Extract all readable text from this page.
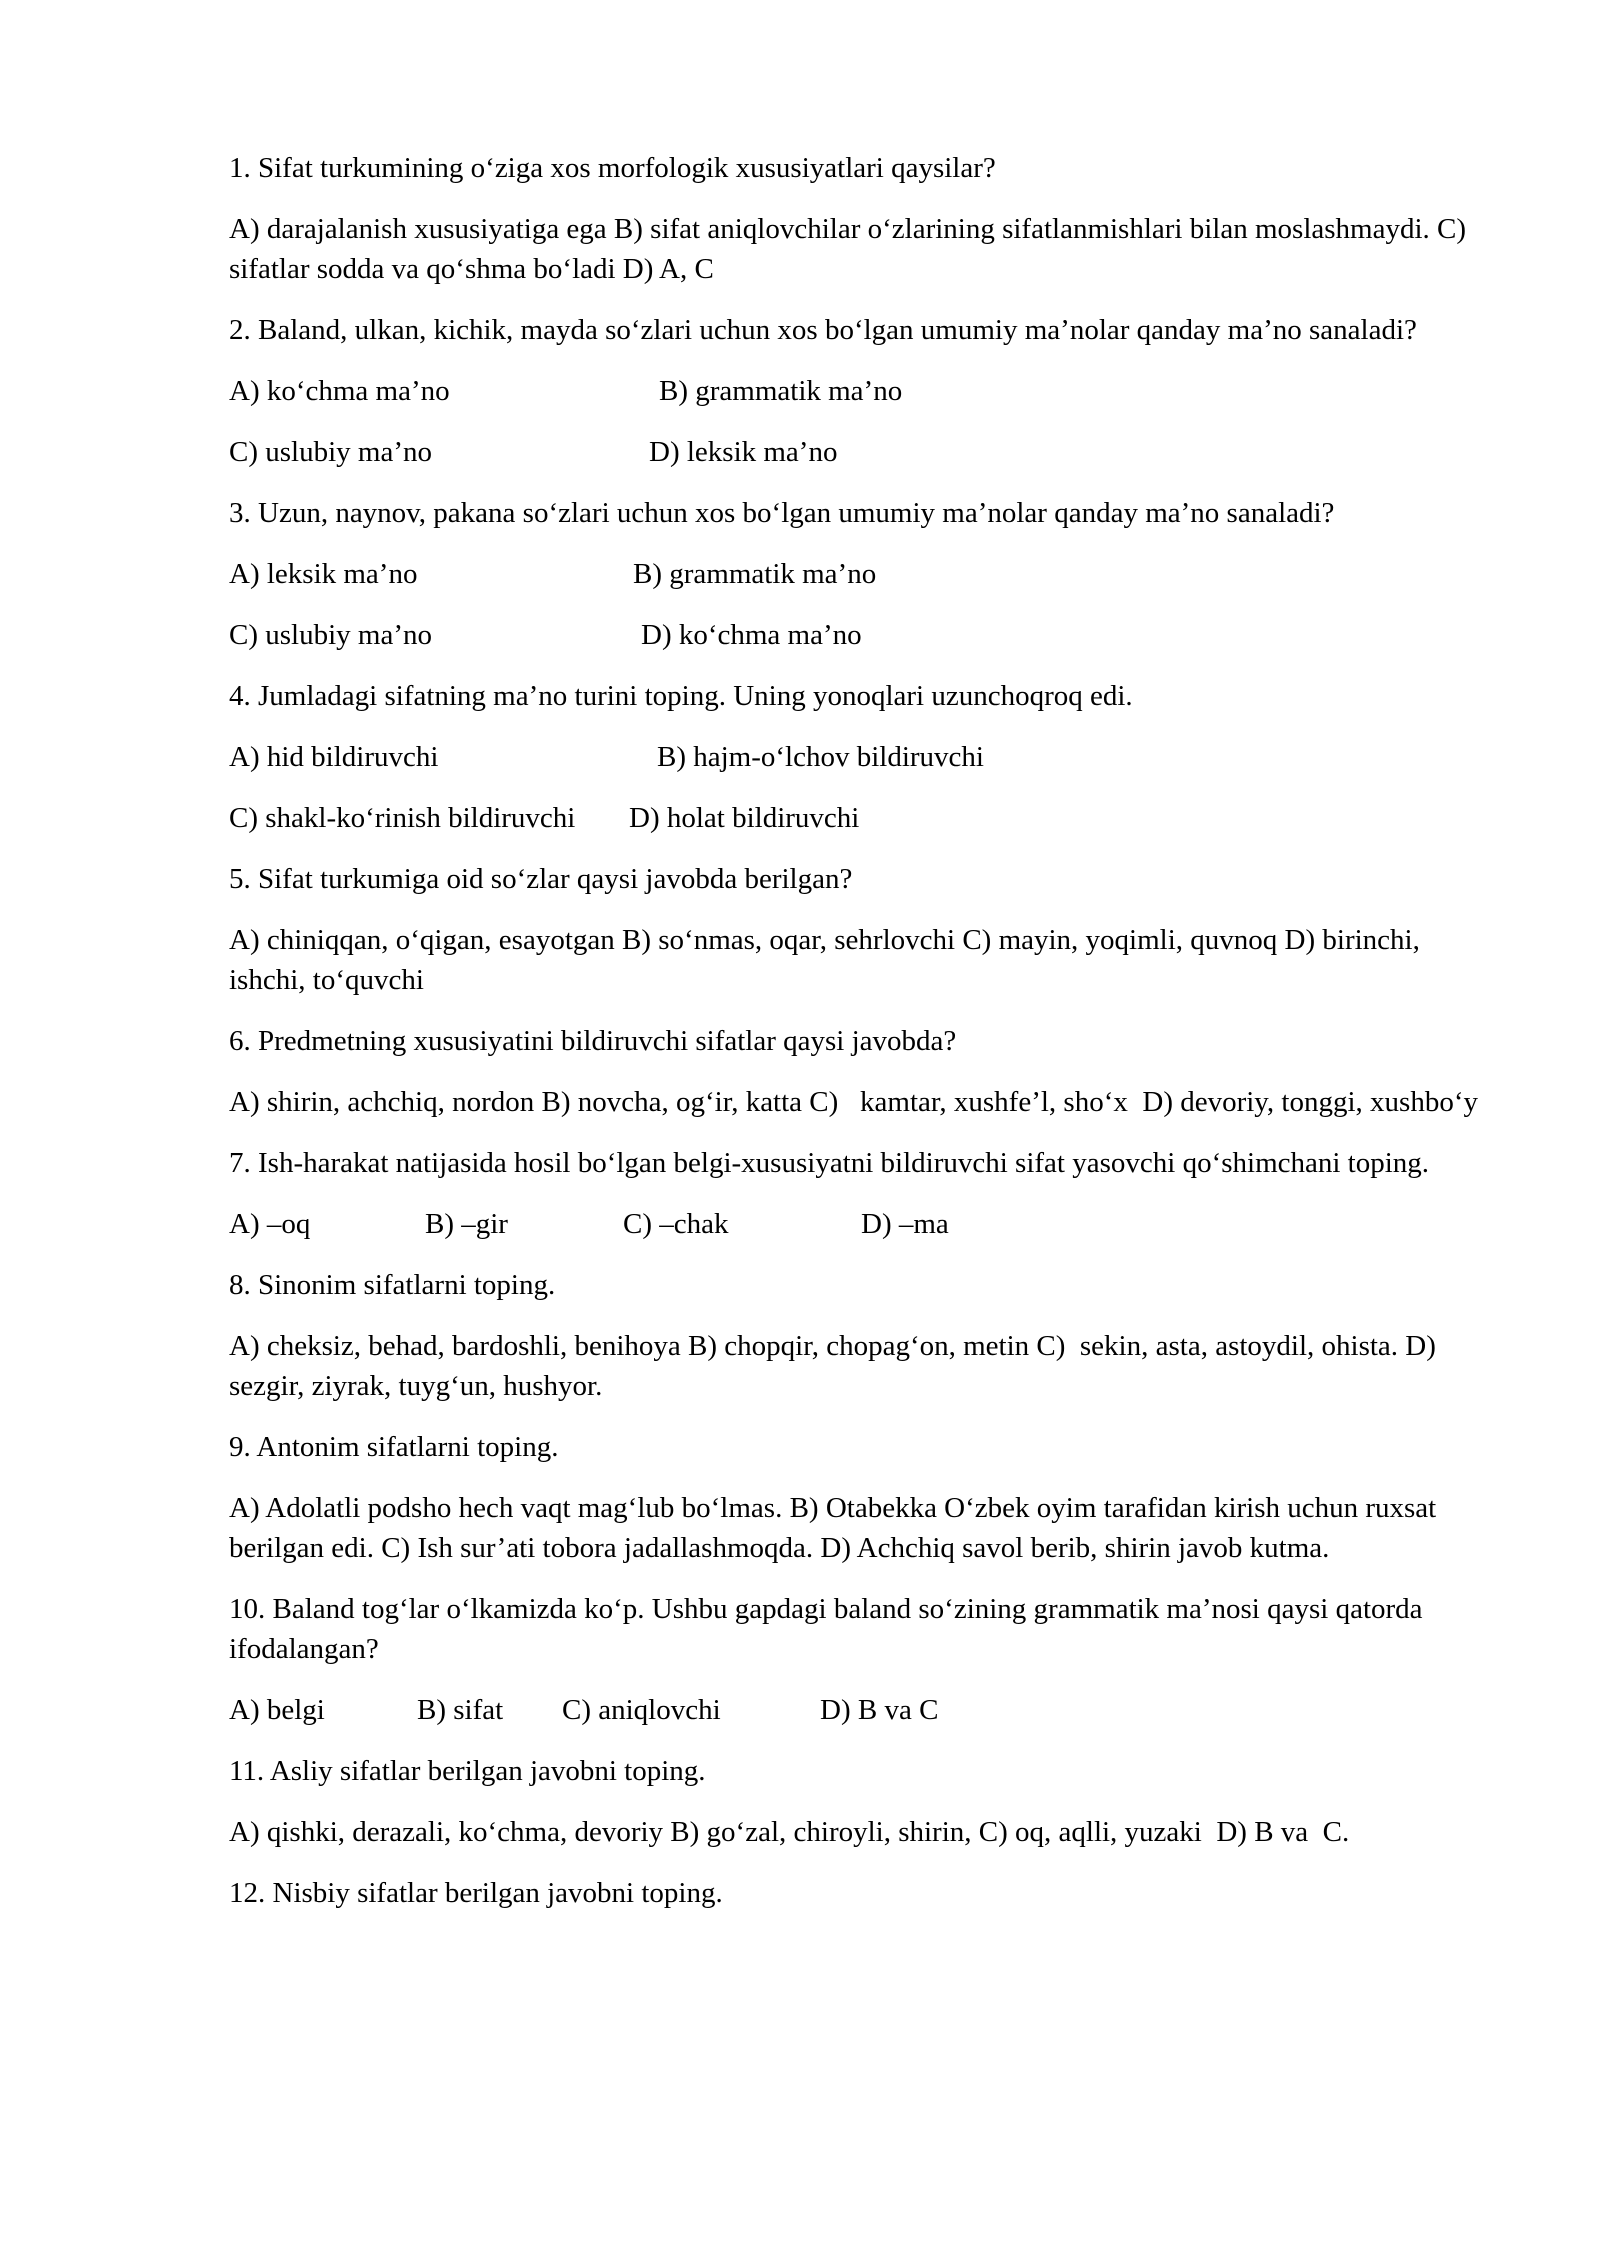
1. Sifat turkumining o‘ziga xos morfologik xususiyatlari qaysilar?
A) darajalanish xususiyatiga ega B) sifat aniqlovchilar o‘zlarining sifatlanmishlari bilan moslashmaydi. C) sifatlar sodda va qo‘shma bo‘ladi D) A, C
2. Baland, ulkan, kichik, mayda so‘zlari uchun xos bo‘lgan umumiy ma’nolar qanday ma’no sanaladi?
A) ko‘chma ma’no	B) grammatik ma’no
C) uslubiy ma’no	D) leksik ma’no
3. Uzun, naynov, pakana so‘zlari uchun xos bo‘lgan umumiy ma’nolar qanday ma’no sanaladi?
A) leksik ma’no	B) grammatik ma’no
C) uslubiy ma’no	D) ko‘chma ma’no
4. Jumladagi sifatning ma’no turini toping. Uning yonoqlari uzunchoqroq edi.
A) hid bildiruvchi	B) hajm-o‘lchov bildiruvchi
C) shakl-ko‘rinish bildiruvchi	D) holat bildiruvchi
5. Sifat turkumiga oid so‘zlar qaysi javobda berilgan?
A) chiniqqan, o‘qigan, esayotgan B) so‘nmas, oqar, sehrlovchi C) mayin, yoqimli, quvnoq D) birinchi, ishchi, to‘quvchi
6. Predmetning xususiyatini bildiruvchi sifatlar qaysi javobda?
A) shirin, achchiq, nordon B) novcha, og‘ir, katta C)   kamtar, xushfe’l, sho‘x  D) devoriy, tonggi, xushbo‘y
7. Ish-harakat natijasida hosil bo‘lgan belgi-xususiyatni bildiruvchi sifat yasovchi qo‘shimchani toping.
A) –oq	B) –gir	C) –chak	D) –ma
8. Sinonim sifatlarni toping.
A) cheksiz, behad, bardoshli, benihoya B) chopqir, chopag‘on, metin C)  sekin, asta, astoydil, ohista. D) sezgir, ziyrak, tuyg‘un, hushyor.
9. Antonim sifatlarni toping.
A) Adolatli podsho hech vaqt mag‘lub bo‘lmas. B) Otabekka O‘zbek oyim tarafidan kirish uchun ruxsat berilgan edi. C) Ish sur’ati tobora jadallashmoqda. D) Achchiq savol berib, shirin javob kutma.
10. Baland tog‘lar o‘lkamizda ko‘p. Ushbu gapdagi baland so‘zining grammatik ma’nosi qaysi qatorda ifodalangan?
A) belgi	B) sifat	C) aniqlovchi	D) B va C
11. Asliy sifatlar berilgan javobni toping.
A) qishki, derazali, ko‘chma, devoriy B) go‘zal, chiroyli, shirin, C) oq, aqlli, yuzaki  D) B va  C.
12. Nisbiy sifatlar berilgan javobni toping.
